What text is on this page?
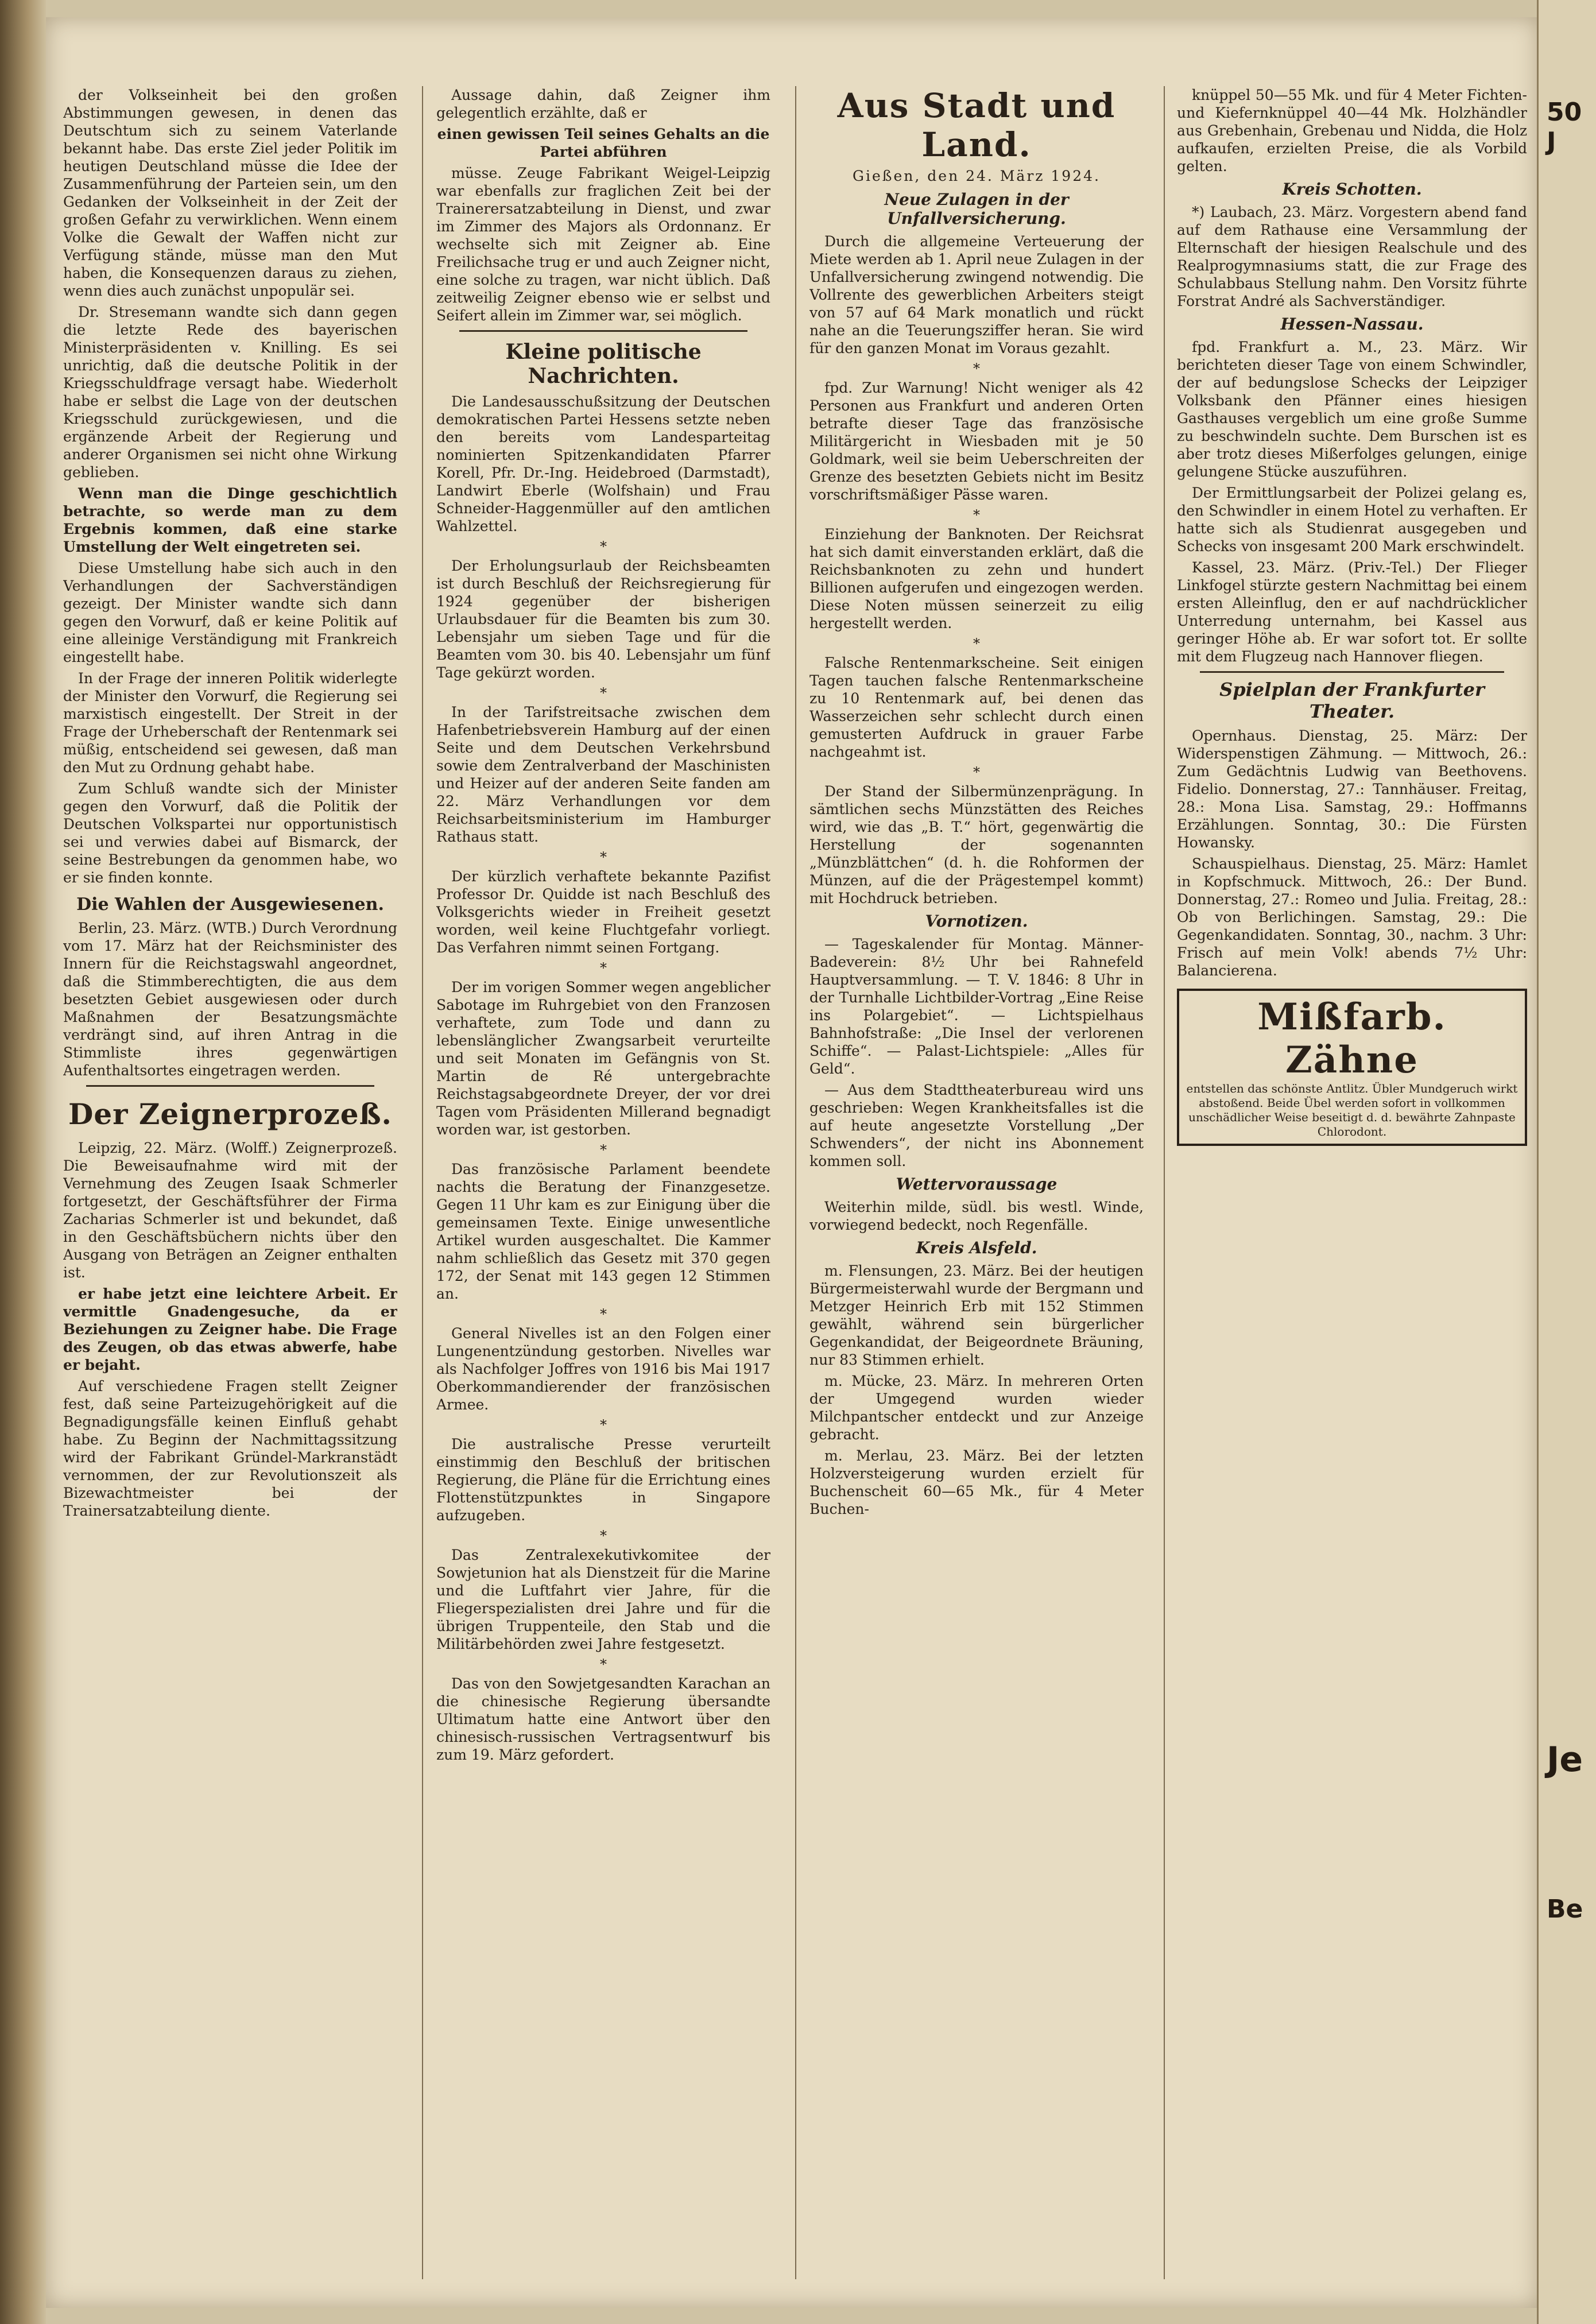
der Volkseinheit bei den großen Abstimmungen gewesen, in denen das Deutschtum sich zu seinem Vaterlande bekannt habe. Das erste Ziel jeder Politik im heutigen Deutschland müsse die Idee der Zusammenführung der Parteien sein, um den Gedanken der Volkseinheit in der Zeit der großen Gefahr zu verwirklichen. Wenn einem Volke die Gewalt der Waffen nicht zur Verfügung stände, müsse man den Mut haben, die Konsequenzen daraus zu ziehen, wenn dies auch zunächst unpopulär sei.

Dr. Stresemann wandte sich dann gegen die letzte Rede des bayerischen Ministerpräsidenten v. Knilling. Es sei unrichtig, daß die deutsche Politik in der Kriegsschuldfrage versagt habe. Wiederholt habe er selbst die Lage von der deutschen Kriegsschuld zurückgewiesen, und die ergänzende Arbeit der Regierung und anderer Organismen sei nicht ohne Wirkung geblieben.

Wenn man die Dinge geschichtlich betrachte, so werde man zu dem Ergebnis kommen, daß eine starke Umstellung der Welt eingetreten sei.

Diese Umstellung habe sich auch in den Verhandlungen der Sachverständigen gezeigt. Der Minister wandte sich dann gegen den Vorwurf, daß er keine Politik auf eine alleinige Verständigung mit Frankreich eingestellt habe.

In der Frage der inneren Politik widerlegte der Minister den Vorwurf, die Regierung sei marxistisch eingestellt. Der Streit in der Frage der Urheberschaft der Rentenmark sei müßig, entscheidend sei gewesen, daß man den Mut zu Ordnung gehabt habe.

Zum Schluß wandte sich der Minister gegen den Vorwurf, daß die Politik der Deutschen Volkspartei nur opportunistisch sei und verwies dabei auf Bismarck, der seine Bestrebungen da genommen habe, wo er sie finden konnte.

Die Wahlen der Ausgewiesenen.

Berlin, 23. März. (WTB.) Durch Verordnung vom 17. März hat der Reichsminister des Innern für die Reichstagswahl angeordnet, daß die Stimmberechtigten, die aus dem besetzten Gebiet ausgewiesen oder durch Maßnahmen der Besatzungsmächte verdrängt sind, auf ihren Antrag in die Stimmliste ihres gegenwärtigen Aufenthaltsortes eingetragen werden.

Der Zeignerprozeß.

Leipzig, 22. März. (Wolff.) Zeignerprozeß. Die Beweisaufnahme wird mit der Vernehmung des Zeugen Isaak Schmerler fortgesetzt, der Geschäftsführer der Firma Zacharias Schmerler ist und bekundet, daß in den Geschäftsbüchern nichts über den Ausgang von Beträgen an Zeigner enthalten ist.

er habe jetzt eine leichtere Arbeit. Er vermittle Gnadengesuche, da er Beziehungen zu Zeigner habe. Die Frage des Zeugen, ob das etwas abwerfe, habe er bejaht.

Auf verschiedene Fragen stellt Zeigner fest, daß seine Parteizugehörigkeit auf die Begnadigungsfälle keinen Einfluß gehabt habe. Zu Beginn der Nachmittagssitzung wird der Fabrikant Gründel-Markranstädt vernommen, der zur Revolutionszeit als Bizewachtmeister bei der Trainersatzabteilung diente.

Aussage dahin, daß Zeigner ihm gelegentlich erzählte, daß er

einen gewissen Teil seines Gehalts an die Partei abführen

müsse. Zeuge Fabrikant Weigel-Leipzig war ebenfalls zur fraglichen Zeit bei der Trainerersatzabteilung in Dienst, und zwar im Zimmer des Majors als Ordonnanz. Er wechselte sich mit Zeigner ab. Eine Freilichsache trug er und auch Zeigner nicht, eine solche zu tragen, war nicht üblich. Daß zeitweilig Zeigner ebenso wie er selbst und Seifert allein im Zimmer war, sei möglich.

Kleine politische Nachrichten.

Die Landesausschußsitzung der Deutschen demokratischen Partei Hessens setzte neben den bereits vom Landesparteitag nominierten Spitzenkandidaten Pfarrer Korell, Pfr. Dr.-Ing. Heidebroed (Darmstadt), Landwirt Eberle (Wolfshain) und Frau Schneider-Haggenmüller auf den amtlichen Wahlzettel.

*

Der Erholungsurlaub der Reichsbeamten ist durch Beschluß der Reichsregierung für 1924 gegenüber der bisherigen Urlaubsdauer für die Beamten bis zum 30. Lebensjahr um sieben Tage und für die Beamten vom 30. bis 40. Lebensjahr um fünf Tage gekürzt worden.

*

In der Tarifstreitsache zwischen dem Hafenbetriebsverein Hamburg auf der einen Seite und dem Deutschen Verkehrsbund sowie dem Zentralverband der Maschinisten und Heizer auf der anderen Seite fanden am 22. März Verhandlungen vor dem Reichsarbeitsministerium im Hamburger Rathaus statt.

*

Der kürzlich verhaftete bekannte Pazifist Professor Dr. Quidde ist nach Beschluß des Volksgerichts wieder in Freiheit gesetzt worden, weil keine Fluchtgefahr vorliegt. Das Verfahren nimmt seinen Fortgang.

*

Der im vorigen Sommer wegen angeblicher Sabotage im Ruhrgebiet von den Franzosen verhaftete, zum Tode und dann zu lebenslänglicher Zwangsarbeit verurteilte und seit Monaten im Gefängnis von St. Martin de Ré untergebrachte Reichstagsabgeordnete Dreyer, der vor drei Tagen vom Präsidenten Millerand begnadigt worden war, ist gestorben.

*

Das französische Parlament beendete nachts die Beratung der Finanzgesetze. Gegen 11 Uhr kam es zur Einigung über die gemeinsamen Texte. Einige unwesentliche Artikel wurden ausgeschaltet. Die Kammer nahm schließlich das Gesetz mit 370 gegen 172, der Senat mit 143 gegen 12 Stimmen an.

*

General Nivelles ist an den Folgen einer Lungenentzündung gestorben. Nivelles war als Nachfolger Joffres von 1916 bis Mai 1917 Oberkommandierender der französischen Armee.

*

Die australische Presse verurteilt einstimmig den Beschluß der britischen Regierung, die Pläne für die Errichtung eines Flottenstützpunktes in Singapore aufzugeben.

*

Das Zentralexekutivkomitee der Sowjetunion hat als Dienstzeit für die Marine und die Luftfahrt vier Jahre, für die Fliegerspezialisten drei Jahre und für die übrigen Truppenteile, den Stab und die Militärbehörden zwei Jahre festgesetzt.

*

Das von den Sowjetgesandten Karachan an die chinesische Regierung übersandte Ultimatum hatte eine Antwort über den chinesisch-russischen Vertragsentwurf bis zum 19. März gefordert.

Aus Stadt und Land.
Gießen, den 24. März 1924.
Neue Zulagen in der Unfallversicherung.

Durch die allgemeine Verteuerung der Miete werden ab 1. April neue Zulagen in der Unfallversicherung zwingend notwendig. Die Vollrente des gewerblichen Arbeiters steigt von 57 auf 64 Mark monatlich und rückt nahe an die Teuerungsziffer heran. Sie wird für den ganzen Monat im Voraus gezahlt.

*

fpd. Zur Warnung! Nicht weniger als 42 Personen aus Frankfurt und anderen Orten betrafte dieser Tage das französische Militärgericht in Wiesbaden mit je 50 Goldmark, weil sie beim Ueberschreiten der Grenze des besetzten Gebiets nicht im Besitz vorschriftsmäßiger Pässe waren.

*

Einziehung der Banknoten. Der Reichsrat hat sich damit einverstanden erklärt, daß die Reichsbanknoten zu zehn und hundert Billionen aufgerufen und eingezogen werden. Diese Noten müssen seinerzeit zu eilig hergestellt werden.

*

Falsche Rentenmarkscheine. Seit einigen Tagen tauchen falsche Rentenmarkscheine zu 10 Rentenmark auf, bei denen das Wasserzeichen sehr schlecht durch einen gemusterten Aufdruck in grauer Farbe nachgeahmt ist.

*

Der Stand der Silbermünzenprägung. In sämtlichen sechs Münzstätten des Reiches wird, wie das „B. T.“ hört, gegenwärtig die Herstellung der sogenannten „Münzblättchen“ (d. h. die Rohformen der Münzen, auf die der Prägestempel kommt) mit Hochdruck betrieben.

Vornotizen.

— Tageskalender für Montag. Männer-Badeverein: 8½ Uhr bei Rahnefeld Hauptversammlung. — T. V. 1846: 8 Uhr in der Turnhalle Lichtbilder-Vortrag „Eine Reise ins Polargebiet“. — Lichtspielhaus Bahnhofstraße: „Die Insel der verlorenen Schiffe“. — Palast-Lichtspiele: „Alles für Geld“.

— Aus dem Stadttheaterbureau wird uns geschrieben: Wegen Krankheitsfalles ist die auf heute angesetzte Vorstellung „Der Schwenders“, der nicht ins Abonnement kommen soll.

Wettervoraussage

Weiterhin milde, südl. bis westl. Winde, vorwiegend bedeckt, noch Regenfälle.

Kreis Alsfeld.

m. Flensungen, 23. März. Bei der heutigen Bürgermeisterwahl wurde der Bergmann und Metzger Heinrich Erb mit 152 Stimmen gewählt, während sein bürgerlicher Gegenkandidat, der Beigeordnete Bräuning, nur 83 Stimmen erhielt.

m. Mücke, 23. März. In mehreren Orten der Umgegend wurden wieder Milchpantscher entdeckt und zur Anzeige gebracht.

m. Merlau, 23. März. Bei der letzten Holzversteigerung wurden erzielt für Buchenscheit 60—65 Mk., für 4 Meter Buchen-

knüppel 50—55 Mk. und für 4 Meter Fichten- und Kiefernknüppel 40—44 Mk. Holzhändler aus Grebenhain, Grebenau und Nidda, die Holz aufkaufen, erzielten Preise, die als Vorbild gelten.

Kreis Schotten.

*) Laubach, 23. März. Vorgestern abend fand auf dem Rathause eine Versammlung der Elternschaft der hiesigen Realschule und des Realprogymnasiums statt, die zur Frage des Schulabbaus Stellung nahm. Den Vorsitz führte Forstrat André als Sachverständiger.

Hessen-Nassau.

fpd. Frankfurt a. M., 23. März. Wir berichteten dieser Tage von einem Schwindler, der auf bedungslose Schecks der Leipziger Volksbank den Pfänner eines hiesigen Gasthauses vergeblich um eine große Summe zu beschwindeln suchte. Dem Burschen ist es aber trotz dieses Mißerfolges gelungen, einige gelungene Stücke auszuführen.

Der Ermittlungsarbeit der Polizei gelang es, den Schwindler in einem Hotel zu verhaften. Er hatte sich als Studienrat ausgegeben und Schecks von insgesamt 200 Mark erschwindelt.

Kassel, 23. März. (Priv.-Tel.) Der Flieger Linkfogel stürzte gestern Nachmittag bei einem ersten Alleinflug, den er auf nachdrücklicher Unterredung unternahm, bei Kassel aus geringer Höhe ab. Er war sofort tot. Er sollte mit dem Flugzeug nach Hannover fliegen.

Spielplan der Frankfurter Theater.

Opernhaus. Dienstag, 25. März: Der Widerspenstigen Zähmung. — Mittwoch, 26.: Zum Gedächtnis Ludwig van Beethovens. Fidelio. Donnerstag, 27.: Tannhäuser. Freitag, 28.: Mona Lisa. Samstag, 29.: Hoffmanns Erzählungen. Sonntag, 30.: Die Fürsten Howansky.

Schauspielhaus. Dienstag, 25. März: Hamlet in Kopfschmuck. Mittwoch, 26.: Der Bund. Donnerstag, 27.: Romeo und Julia. Freitag, 28.: Ob von Berlichingen. Samstag, 29.: Die Gegenkandidaten. Sonntag, 30., nachm. 3 Uhr: Frisch auf mein Volk! abends 7½ Uhr: Balancierena.

Mißfarb. Zähne
entstellen das schönste Antlitz. Übler Mundgeruch wirkt abstoßend. Beide Übel werden sofort in vollkommen unschädlicher Weise beseitigt d. d. bewährte Zahnpaste Chlorodont.
50 J
Je
Be
